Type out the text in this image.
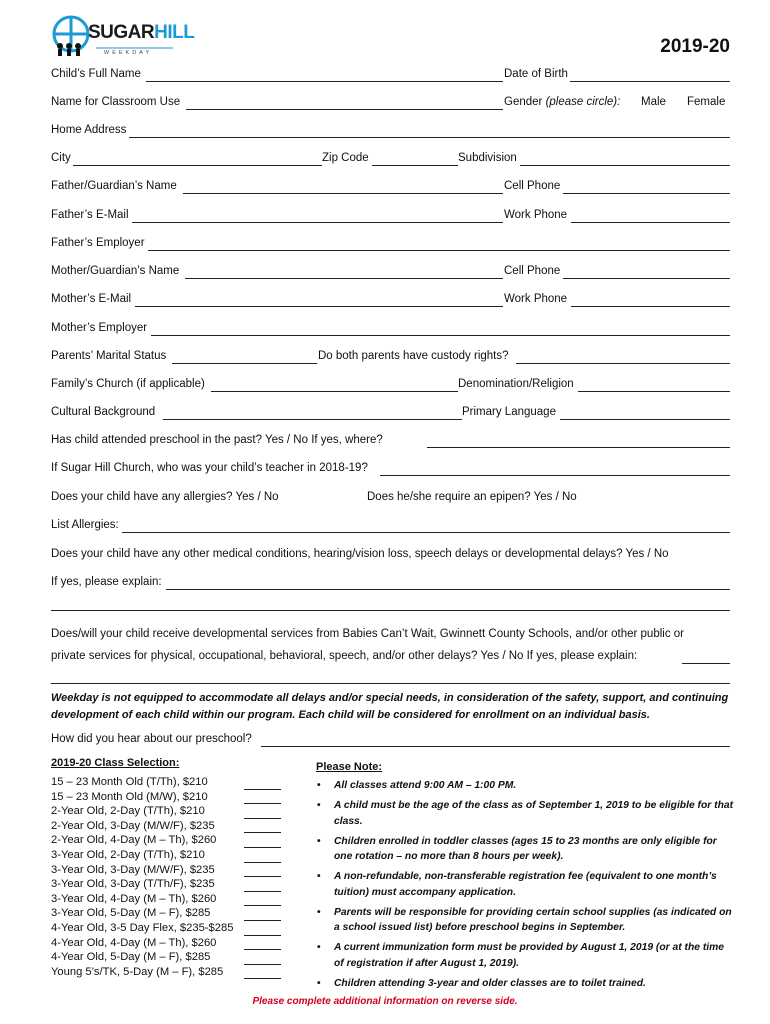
SUGARHILL
WEEKDAY	2019-20
Child’s Full Name	Date of Birth
Name for Classroom Use	Gender (please circle): Male Female
Home Address
City	Zip Code	Subdivision
Father/Guardian’s Name	Cell Phone
Father’s E-Mail	Work Phone
Father’s Employer
Mother/Guardian’s Name	Cell Phone
Mother’s E-Mail	Work Phone
Mother’s Employer
Parents’ Marital Status	Do both parents have custody rights?
Family’s Church (if applicable)	Denomination/Religion
Cultural Background	Primary Language
Has child attended preschool in the past? Yes / No If yes, where?
If Sugar Hill Church, who was your child’s teacher in 2018-19?
Does your child have any allergies? Yes / No	Does he/she require an epipen? Yes / No
List Allergies:
Does your child have any other medical conditions, hearing/vision loss, speech delays or developmental delays? Yes / No
If yes, please explain:
Does/will your child receive developmental services from Babies Can’t Wait, Gwinnett County Schools, and/or other public or
private services for physical, occupational, behavioral, speech, and/or other delays? Yes / No If yes, please explain:
Weekday is not equipped to accommodate all delays and/or special needs, in consideration of the safety, support, and continuing development of each child within our program. Each child will be considered for enrollment on an individual basis.
How did you hear about our preschool?
2019-20 Class Selection:
15 – 23 Month Old (T/Th), $210
15 – 23 Month Old (M/W), $210
2-Year Old, 2-Day (T/Th), $210
2-Year Old, 3-Day (M/W/F), $235
2-Year Old, 4-Day (M – Th), $260
3-Year Old, 2-Day (T/Th), $210
3-Year Old, 3-Day (M/W/F), $235
3-Year Old, 3-Day (T/Th/F), $235
3-Year Old, 4-Day (M – Th), $260
3-Year Old, 5-Day (M – F), $285
4-Year Old, 3-5 Day Flex, $235-$285
4-Year Old, 4-Day (M – Th), $260
4-Year Old, 5-Day (M – F), $285
Young 5’s/TK, 5-Day (M – F), $285
Please Note:
• All classes attend 9:00 AM – 1:00 PM.
• A child must be the age of the class as of September 1, 2019 to be eligible for that class.
• Children enrolled in toddler classes (ages 15 to 23 months are only eligible for one rotation – no more than 8 hours per week).
• A non-refundable, non-transferable registration fee (equivalent to one month’s tuition) must accompany application.
• Parents will be responsible for providing certain school supplies (as indicated on a school issued list) before preschool begins in September.
• A current immunization form must be provided by August 1, 2019 (or at the time of registration if after August 1, 2019).
• Children attending 3-year and older classes are to toilet trained.
Please complete additional information on reverse side.
